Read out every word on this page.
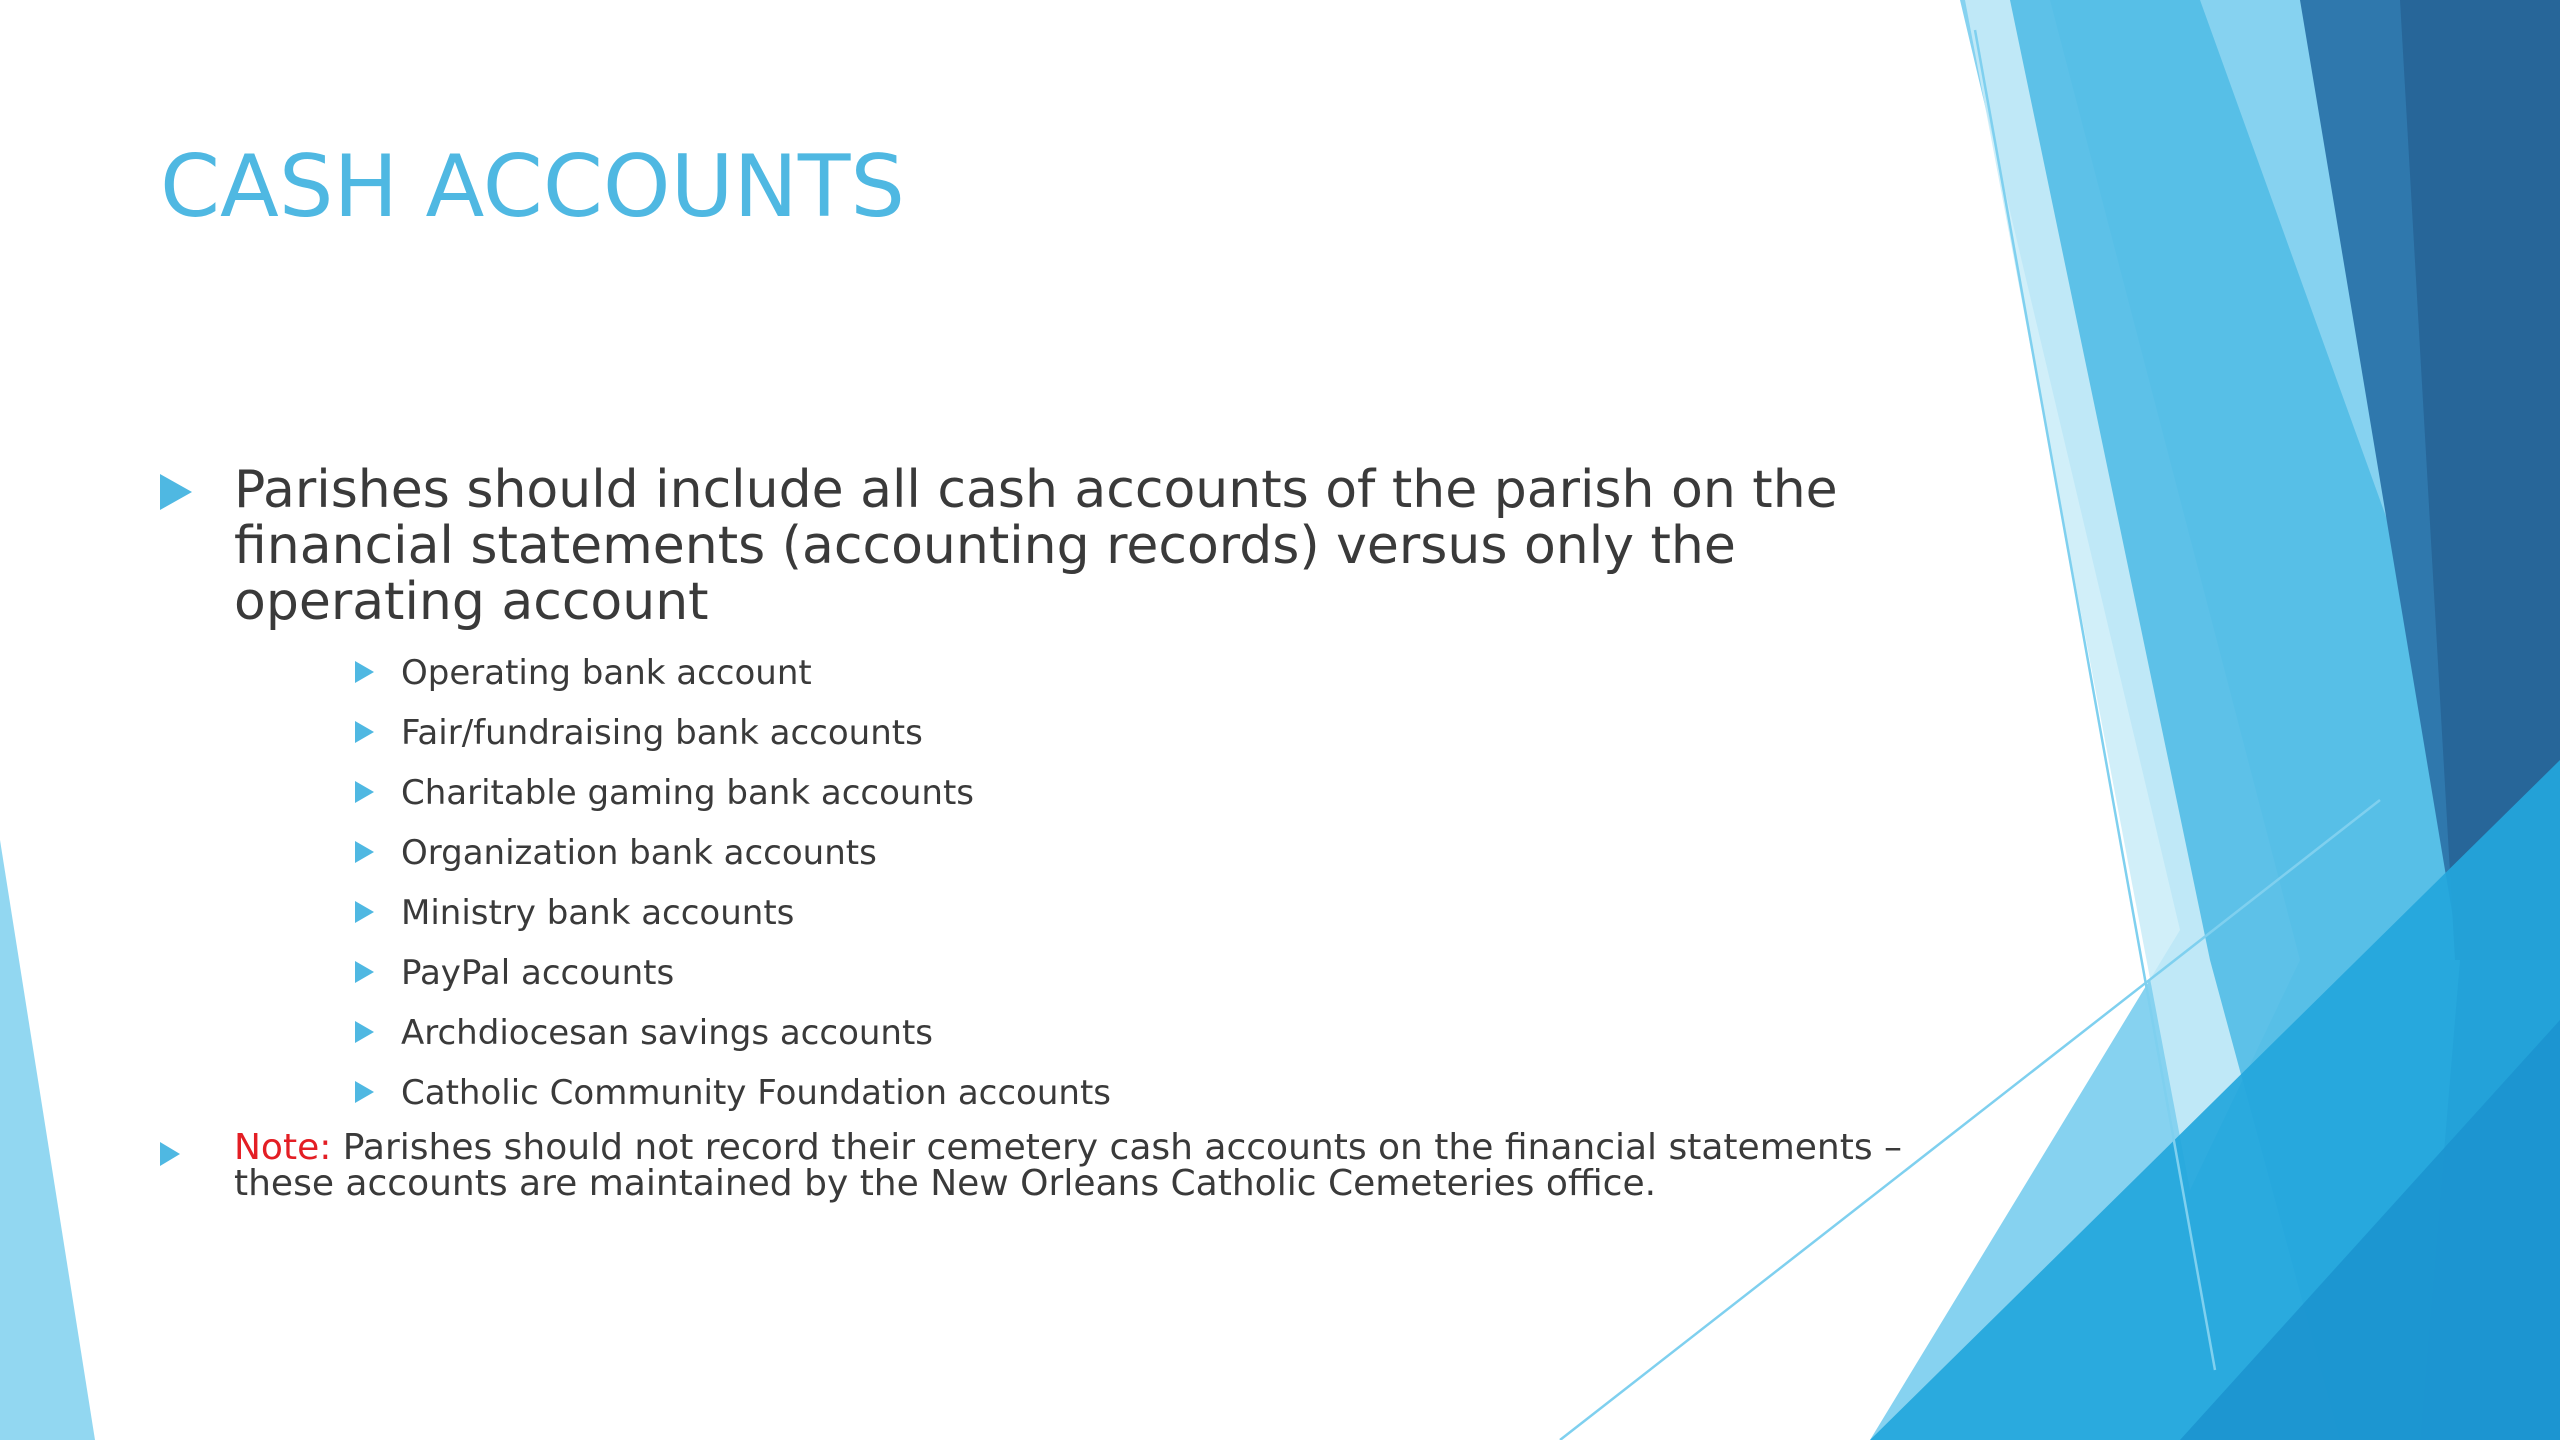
CASH ACCOUNTS
Parishes should include all cash accounts of the parish on the financial statements (accounting records) versus only the operating account
Operating bank account
Fair/fundraising bank accounts
Charitable gaming bank accounts
Organization bank accounts
Ministry bank accounts
PayPal accounts
Archdiocesan savings accounts
Catholic Community Foundation accounts
Note: Parishes should not record their cemetery cash accounts on the financial statements – these accounts are maintained by the New Orleans Catholic Cemeteries office.
